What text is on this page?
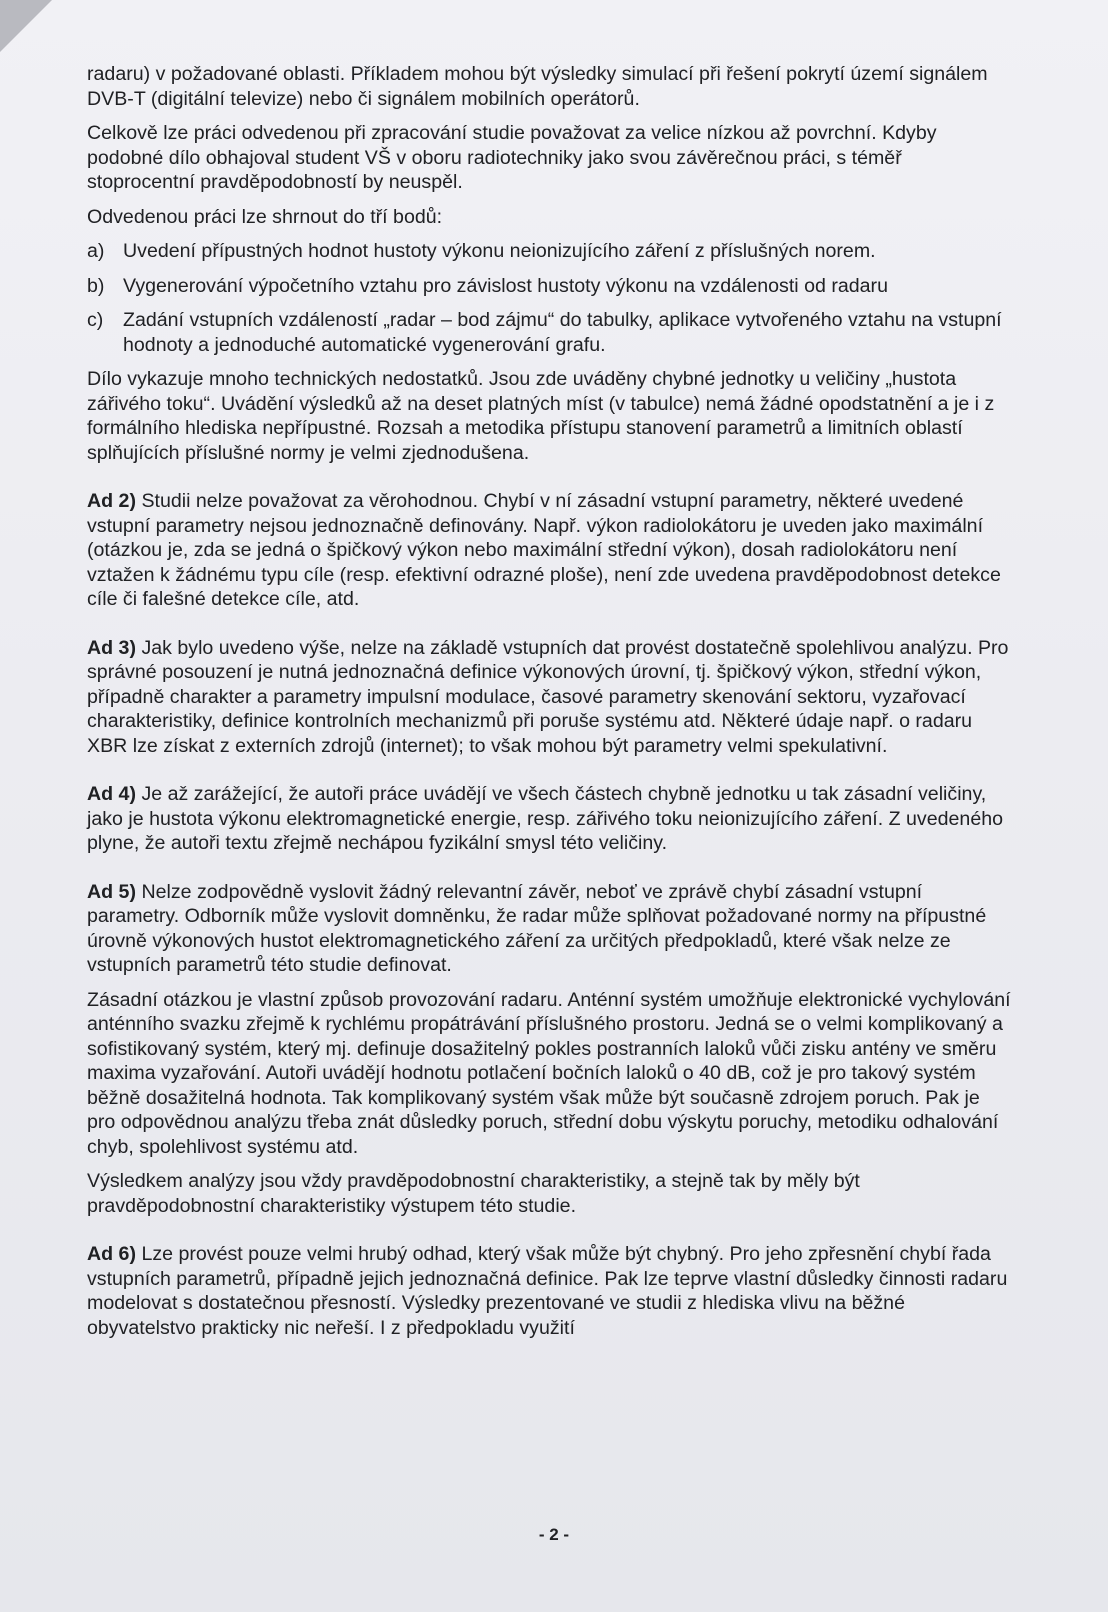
radaru) v požadované oblasti. Příkladem mohou být výsledky simulací při řešení pokrytí území signálem DVB-T (digitální televize) nebo či signálem mobilních operátorů.

Celkově lze práci odvedenou při zpracování studie považovat za velice nízkou až povrchní. Kdyby podobné dílo obhajoval student VŠ v oboru radiotechniky jako svou závěrečnou práci, s téměř stoprocentní pravděpodobností by neuspěl.

Odvedenou práci lze shrnout do tří bodů:

a) Uvedení přípustných hodnot hustoty výkonu neionizujícího záření z příslušných norem.
b) Vygenerování výpočetního vztahu pro závislost hustoty výkonu na vzdálenosti od radaru
c)	Zadání vstupních vzdáleností „radar – bod zájmu“ do tabulky, aplikace vytvořeného vztahu na vstupní hodnoty a jednoduché automatické vygenerování grafu.

Dílo vykazuje mnoho technických nedostatků. Jsou zde uváděny chybné jednotky u veličiny „hustota zářivého toku“. Uvádění výsledků až na deset platných míst (v tabulce) nemá žádné opodstatnění a je i z formálního hlediska nepřípustné. Rozsah a metodika přístupu stanovení parametrů a limitních oblastí splňujících příslušné normy je velmi zjednodušena.

Ad 2) Studii nelze považovat za věrohodnou. Chybí v ní zásadní vstupní parametry, některé uvedené vstupní parametry nejsou jednoznačně definovány. Např. výkon radiolokátoru je uveden jako maximální (otázkou je, zda se jedná o špičkový výkon nebo maximální střední výkon), dosah radiolokátoru není vztažen k žádnému typu cíle (resp. efektivní odrazné ploše), není zde uvedena pravděpodobnost detekce cíle či falešné detekce cíle, atd.

Ad 3) Jak bylo uvedeno výše, nelze na základě vstupních dat provést dostatečně spolehlivou analýzu. Pro správné posouzení je nutná jednoznačná definice výkonových úrovní, tj. špičkový výkon, střední výkon, případně charakter a parametry impulsní modulace, časové parametry skenování sektoru, vyzařovací charakteristiky, definice kontrolních mechanizmů při poruše systému atd. Některé údaje např. o radaru XBR lze získat z externích zdrojů (internet); to však mohou být parametry velmi spekulativní.

Ad 4) Je až zarážející, že autoři práce uvádějí ve všech částech chybně jednotku u tak zásadní veličiny, jako je hustota výkonu elektromagnetické energie, resp. zářivého toku neionizujícího záření. Z uvedeného plyne, že autoři textu zřejmě nechápou fyzikální smysl této veličiny.

Ad 5) Nelze zodpovědně vyslovit žádný relevantní závěr, neboť ve zprávě chybí zásadní vstupní parametry. Odborník může vyslovit domněnku, že radar může splňovat požadované normy na přípustné úrovně výkonových hustot elektromagnetického záření za určitých předpokladů, které však nelze ze vstupních parametrů této studie definovat.

Zásadní otázkou je vlastní způsob provozování radaru. Anténní systém umožňuje elektronické vychylování anténního svazku zřejmě k rychlému propátrávání příslušného prostoru. Jedná se o velmi komplikovaný a sofistikovaný systém, který mj. definuje dosažitelný pokles postranních laloků vůči zisku antény ve směru maxima vyzařování. Autoři uvádějí hodnotu potlačení bočních laloků o 40 dB, což je pro takový systém běžně dosažitelná hodnota. Tak komplikovaný systém však může být současně zdrojem poruch. Pak je pro odpovědnou analýzu třeba znát důsledky poruch, střední dobu výskytu poruchy, metodiku odhalování chyb, spolehlivost systému atd.

Výsledkem analýzy jsou vždy pravděpodobnostní charakteristiky, a stejně tak by měly být pravděpodobnostní charakteristiky výstupem této studie.

Ad 6) Lze provést pouze velmi hrubý odhad, který však může být chybný. Pro jeho zpřesnění chybí řada vstupních parametrů, případně jejich jednoznačná definice. Pak lze teprve vlastní důsledky činnosti radaru modelovat s dostatečnou přesností. Výsledky prezentované ve studii z hlediska vlivu na běžné obyvatelstvo prakticky nic neřeší. I z předpokladu využití

- 2 -
